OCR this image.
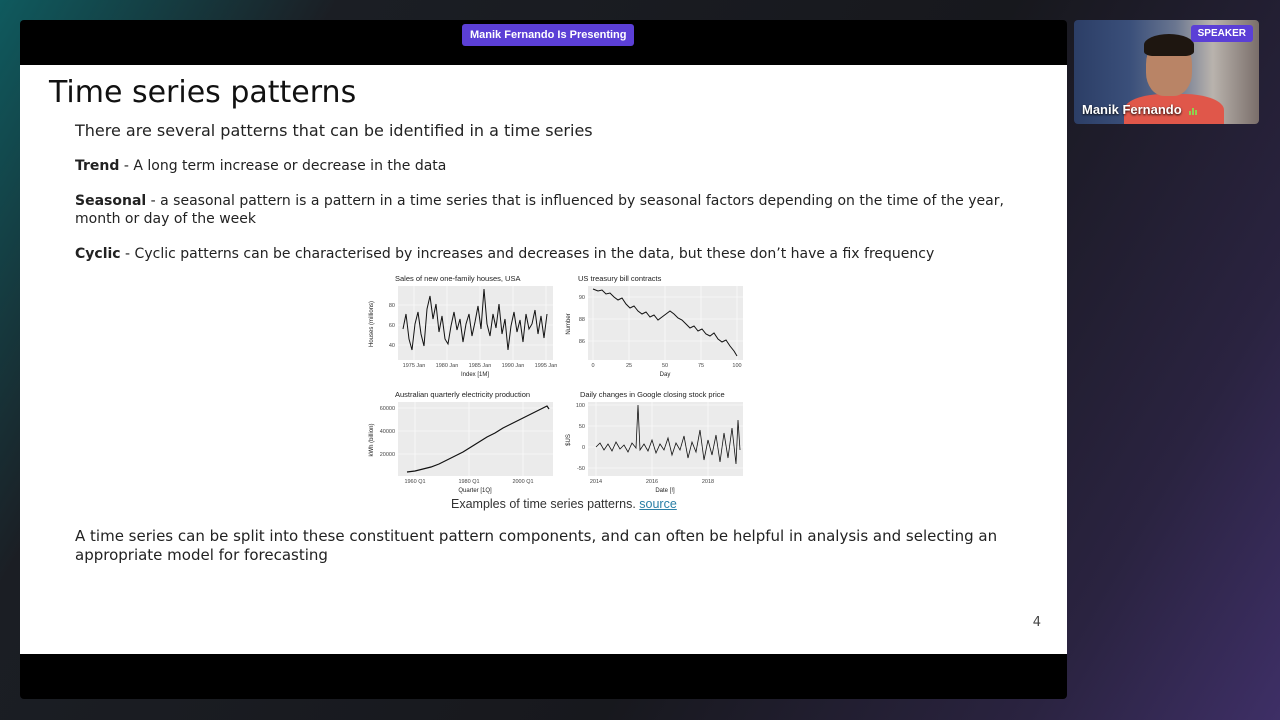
Manik Fernando Is Presenting
Time series patterns
There are several patterns that can be identified in a time series
Trend - A long term increase or decrease in the data
Seasonal - a seasonal pattern is a pattern in a time series that is influenced by seasonal factors depending on the time of the year, month or day of the week
Cyclic - Cyclic patterns can be characterised by increases and decreases in the data, but these don’t have a fix frequency
Sales of new one-family houses, USA
80
60
40
1975 Jan 1980 Jan 1985 Jan 1990 Jan 1995 Jan
Index [1M]
Houses (millions)
US treasury bill contracts
90
88
86
0	25	50	75	100
Day
Number
Australian quarterly electricity production
60000
40000
20000
1960 Q1	1980 Q1	2000 Q1
Quarter [1Q]
kWh (billion)
Daily changes in Google closing stock price
100
50
0
-50
2014	2016	2018
Date [!]
$US
Examples of time series patterns. source
A time series can be split into these constituent pattern components, and can often be helpful in analysis and selecting an appropriate model for forecasting
4
SPEAKER
Manik Fernando
